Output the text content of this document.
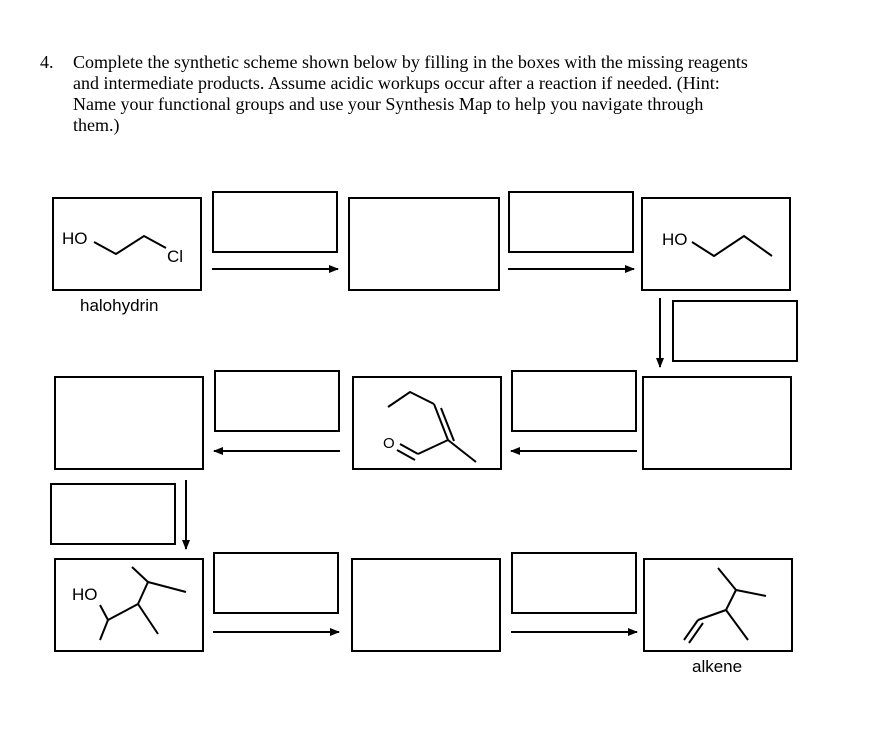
4. Complete the synthetic scheme shown below by filling in the boxes with the missing reagents
and intermediate products. Assume acidic workups occur after a reaction if needed. (Hint:
Name your functional groups and use your Synthesis Map to help you navigate through
them.)
halohydrin
alkene
HO
Cl
HO
O
HO
